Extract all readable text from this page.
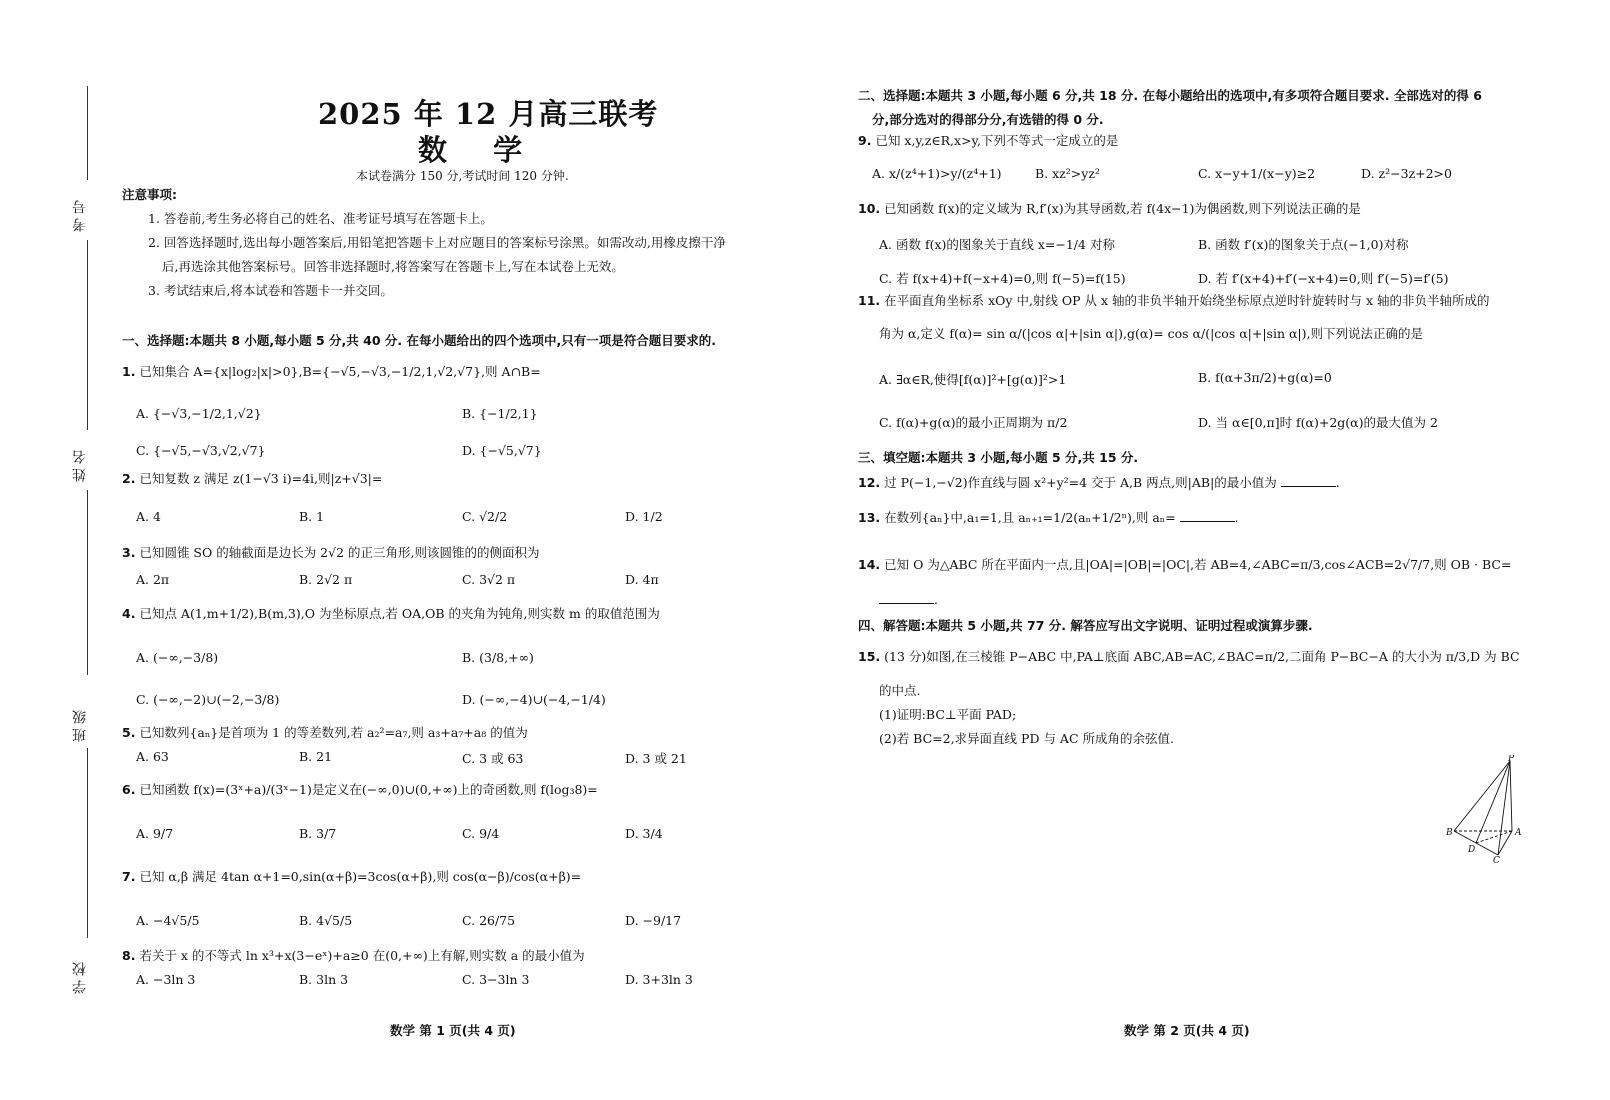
考号
姓名
班级
学校
2025 年 12 月高三联考
数 学
本试卷满分 150 分,考试时间 120 分钟.
注意事项:
1. 答卷前,考生务必将自己的姓名、准考证号填写在答题卡上。
2. 回答选择题时,选出每小题答案后,用铅笔把答题卡上对应题目的答案标号涂黑。如需改动,用橡皮擦干净
后,再选涂其他答案标号。回答非选择题时,将答案写在答题卡上,写在本试卷上无效。
3. 考试结束后,将本试卷和答题卡一并交回。
一、选择题:本题共 8 小题,每小题 5 分,共 40 分. 在每小题给出的四个选项中,只有一项是符合题目要求的.
1. 已知集合 A={x|log₂|x|>0},B={−√5,−√3,−1/2,1,√2,√7},则 A∩B=
A. {−√3,−1/2,1,√2}	B. {−1/2,1}
C. {−√5,−√3,√2,√7}	D. {−√5,√7}
2. 已知复数 z 满足 z(1−√3 i)=4i,则|z+√3|=
A. 4	B. 1	C. √2/2	D. 1/2
3. 已知圆锥 SO 的轴截面是边长为 2√2 的正三角形,则该圆锥的的侧面积为
A. 2π	B. 2√2 π	C. 3√2 π	D. 4π
4. 已知点 A(1,m+1/2),B(m,3),O 为坐标原点,若 OA,OB 的夹角为钝角,则实数 m 的取值范围为
A. (−∞,−3/8)	B. (3/8,+∞)
C. (−∞,−2)∪(−2,−3/8)	D. (−∞,−4)∪(−4,−1/4)
5. 已知数列{aₙ}是首项为 1 的等差数列,若 a₂²=a₇,则 a₃+a₇+a₈ 的值为
A. 63	B. 21	C. 3 或 63	D. 3 或 21
6. 已知函数 f(x)=(3ˣ+a)/(3ˣ−1)是定义在(−∞,0)∪(0,+∞)上的奇函数,则 f(log₃8)=
A. 9/7	B. 3/7	C. 9/4	D. 3/4
7. 已知 α,β 满足 4tan α+1=0,sin(α+β)=3cos(α+β),则 cos(α−β)/cos(α+β)=
A. −4√5/5	B. 4√5/5	C. 26/75	D. −9/17
8. 若关于 x 的不等式 ln x³+x(3−eˣ)+a≥0 在(0,+∞)上有解,则实数 a 的最小值为
A. −3ln 3	B. 3ln 3	C. 3−3ln 3	D. 3+3ln 3
数学 第 1 页(共 4 页)
二、选择题:本题共 3 小题,每小题 6 分,共 18 分. 在每小题给出的选项中,有多项符合题目要求. 全部选对的得 6
分,部分选对的得部分分,有选错的得 0 分.
9. 已知 x,y,z∈R,x>y,下列不等式一定成立的是
A. x/(z⁴+1)>y/(z⁴+1)	B. xz²>yz²	C. x−y+1/(x−y)≥2	D. z²−3z+2>0
10. 已知函数 f(x)的定义域为 R,f′(x)为其导函数,若 f(4x−1)为偶函数,则下列说法正确的是
A. 函数 f(x)的图象关于直线 x=−1/4 对称	B. 函数 f′(x)的图象关于点(−1,0)对称
C. 若 f(x+4)+f(−x+4)=0,则 f(−5)=f(15)	D. 若 f′(x+4)+f′(−x+4)=0,则 f′(−5)=f′(5)
11. 在平面直角坐标系 xOy 中,射线 OP 从 x 轴的非负半轴开始绕坐标原点逆时针旋转时与 x 轴的非负半轴所成的
角为 α,定义 f(α)= sin α/(|cos α|+|sin α|),g(α)= cos α/(|cos α|+|sin α|),则下列说法正确的是
A. ∃α∈R,使得[f(α)]²+[g(α)]²>1	B. f(α+3π/2)+g(α)=0
C. f(α)+g(α)的最小正周期为 π/2	D. 当 α∈[0,π]时 f(α)+2g(α)的最大值为 2
三、填空题:本题共 3 小题,每小题 5 分,共 15 分.
12. 过 P(−1,−√2)作直线与圆 x²+y²=4 交于 A,B 两点,则|AB|的最小值为	.
13. 在数列{aₙ}中,a₁=1,且 aₙ₊₁=1/2(aₙ+1/2ⁿ),则 aₙ=	.
14. 已知 O 为△ABC 所在平面内一点,且|OA|=|OB|=|OC|,若 AB=4,∠ABC=π/3,cos∠ACB=2√7/7,则 OB · BC=
.
四、解答题:本题共 5 小题,共 77 分. 解答应写出文字说明、证明过程或演算步骤.
15. (13 分)如图,在三棱锥 P−ABC 中,PA⊥底面 ABC,AB=AC,∠BAC=π/2,二面角 P−BC−A 的大小为 π/3,D 为 BC
的中点.
(1)证明:BC⊥平面 PAD;
(2)若 BC=2,求异面直线 PD 与 AC 所成角的余弦值.
P
B	A
D
C
数学 第 2 页(共 4 页)
